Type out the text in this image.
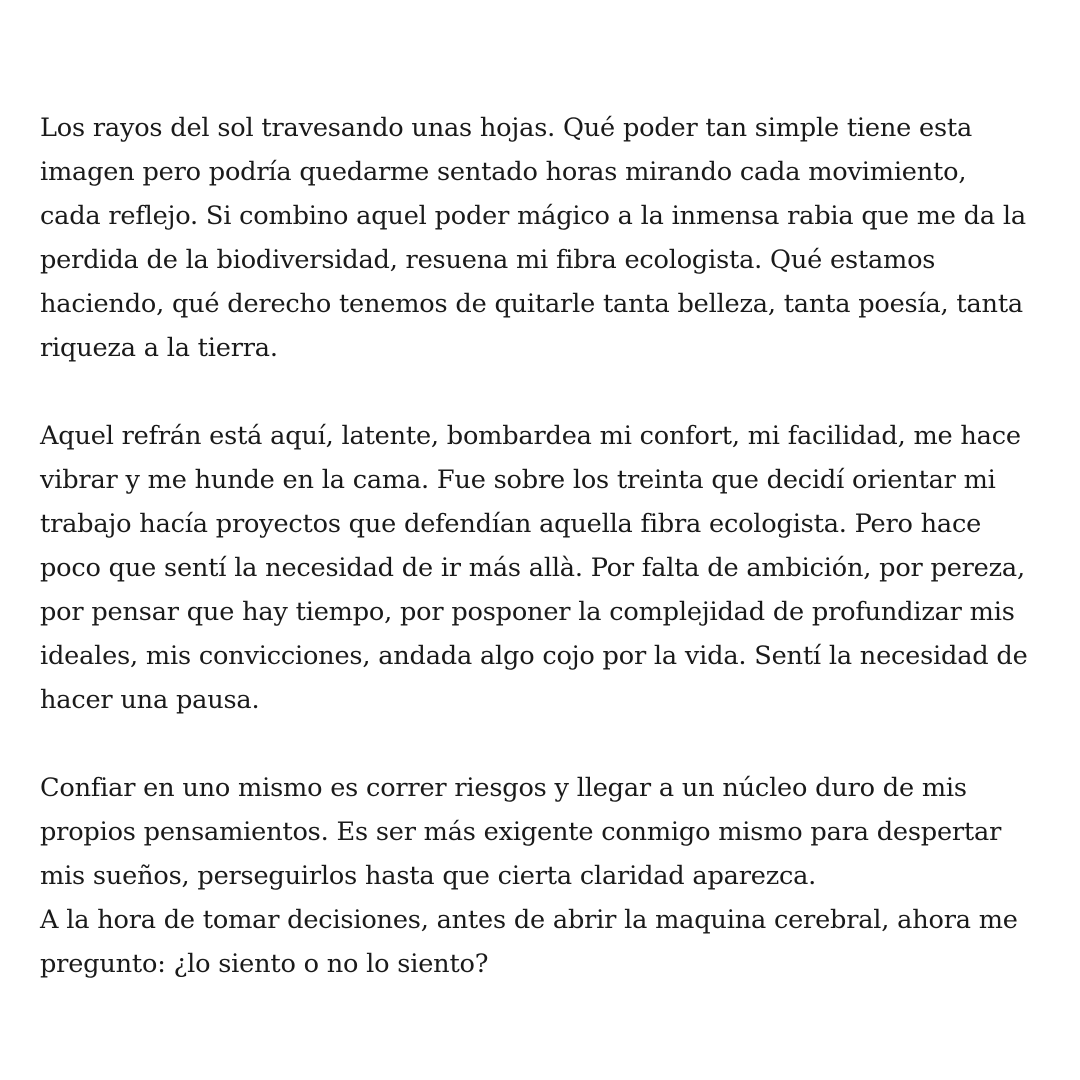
Los rayos del sol travesando unas hojas. Qué poder tan simple tiene esta
imagen pero podría quedarme sentado horas mirando cada movimiento,
cada reflejo. Si combino aquel poder mágico a la inmensa rabia que me da la
perdida de la biodiversidad, resuena mi fibra ecologista. Qué estamos
haciendo, qué derecho tenemos de quitarle tanta belleza, tanta poesía, tanta
riqueza a la tierra.

Aquel refrán está aquí, latente, bombardea mi confort, mi facilidad, me hace
vibrar y me hunde en la cama. Fue sobre los treinta que decidí orientar mi
trabajo hacía proyectos que defendían aquella fibra ecologista. Pero hace
poco que sentí la necesidad de ir más allà. Por falta de ambición, por pereza,
por pensar que hay tiempo, por posponer la complejidad de profundizar mis
ideales, mis convicciones, andada algo cojo por la vida. Sentí la necesidad de
hacer una pausa.

Confiar en uno mismo es correr riesgos y llegar a un núcleo duro de mis
propios pensamientos. Es ser más exigente conmigo mismo para despertar
mis sueños, perseguirlos hasta que cierta claridad aparezca.
A la hora de tomar decisiones, antes de abrir la maquina cerebral, ahora me
pregunto: ¿lo siento o no lo siento?
